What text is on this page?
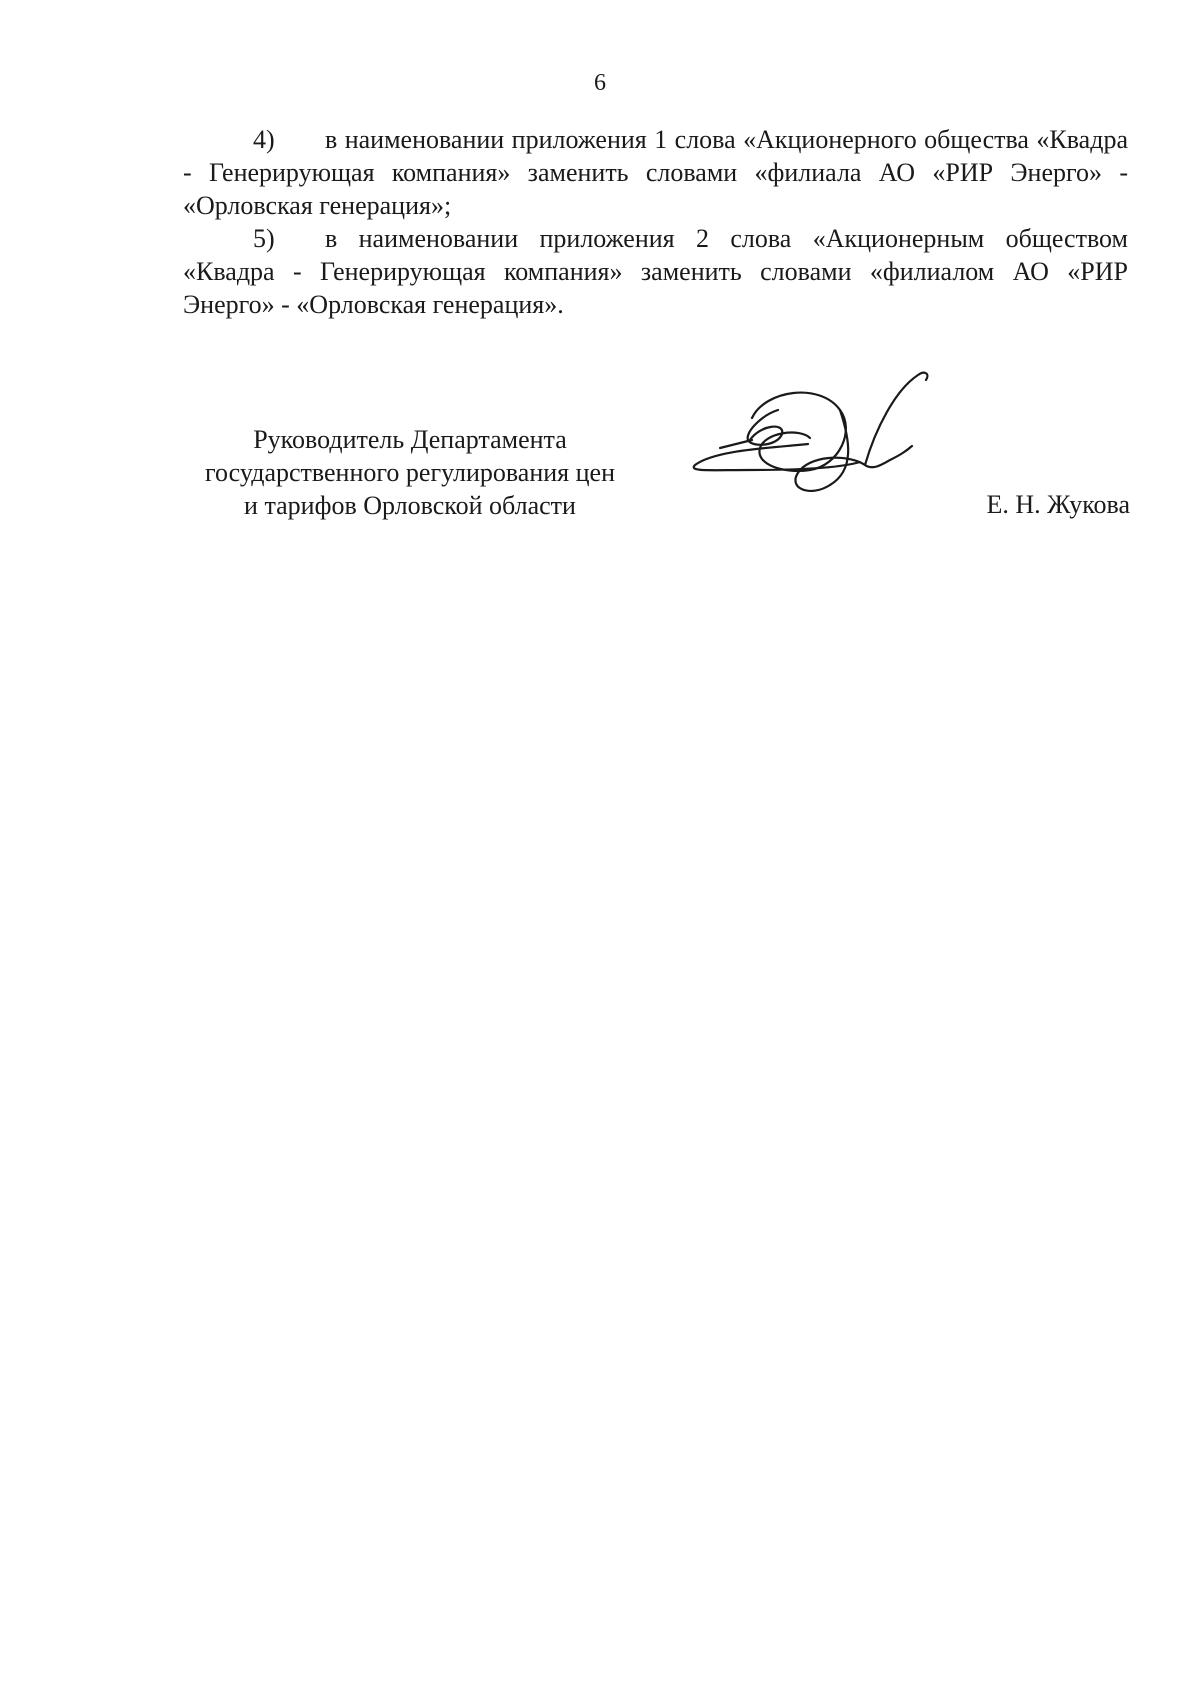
6

4) в наименовании приложения 1 слова «Акционерного общества «Квадра - Генерирующая компания» заменить словами «филиала АО «РИР Энерго» - «Орловская генерация»;

5) в наименовании приложения 2 слова «Акционерным обществом «Квадра - Генерирующая компания» заменить словами «филиалом АО «РИР Энерго» - «Орловская генерация».

Руководитель Департамента
государственного регулирования цен
и тарифов Орловской области	Е. Н. Жукова
